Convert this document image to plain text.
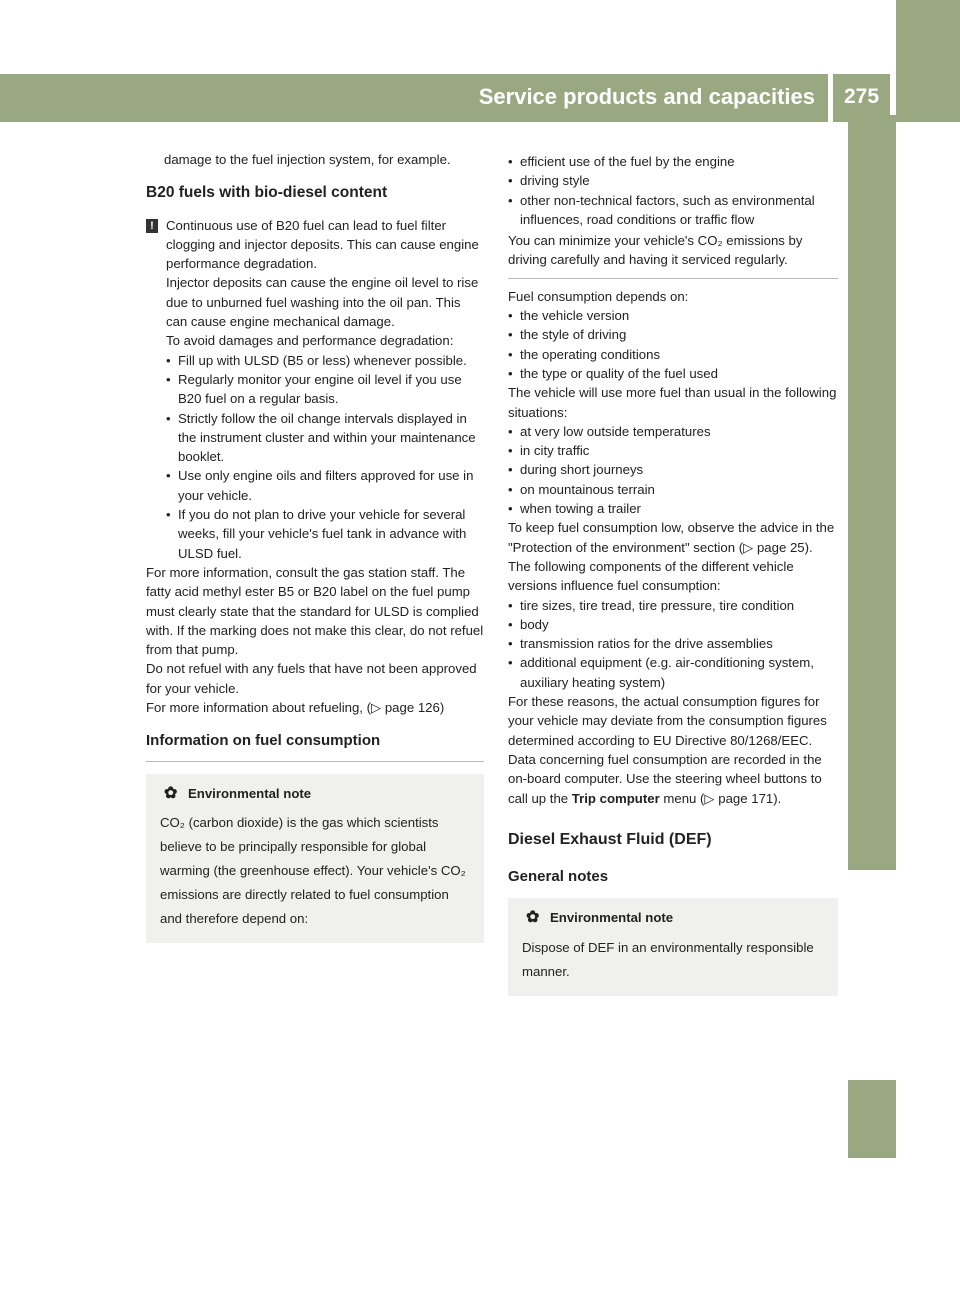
Service products and capacities	275
Technical data

damage to the fuel injection system, for example.

B20 fuels with bio-diesel content
! Continuous use of B20 fuel can lead to fuel filter clogging and injector deposits. This can cause engine performance degradation.

Injector deposits can cause the engine oil level to rise due to unburned fuel washing into the oil pan. This can cause engine mechanical damage.

To avoid damages and performance degradation:

• Fill up with ULSD (B5 or less) whenever possible.
• Regularly monitor your engine oil level if you use B20 fuel on a regular basis.
• Strictly follow the oil change intervals displayed in the instrument cluster and within your maintenance booklet.
• Use only engine oils and filters approved for use in your vehicle.
• If you do not plan to drive your vehicle for several weeks, fill your vehicle's fuel tank in advance with ULSD fuel.

For more information, consult the gas station staff. The fatty acid methyl ester B5 or B20 label on the fuel pump must clearly state that the standard for ULSD is complied with. If the marking does not make this clear, do not refuel from that pump.

Do not refuel with any fuels that have not been approved for your vehicle.

For more information about refueling, (▷ page 126)

Information on fuel consumption
✿ Environmental note

CO₂ (carbon dioxide) is the gas which scientists believe to be principally responsible for global warming (the greenhouse effect). Your vehicle's CO₂ emissions are directly related to fuel consumption and therefore depend on:

• efficient use of the fuel by the engine
• driving style
• other non-technical factors, such as environmental influences, road conditions or traffic flow

You can minimize your vehicle's CO₂ emissions by driving carefully and having it serviced regularly.

Fuel consumption depends on:

• the vehicle version
• the style of driving
• the operating conditions
• the type or quality of the fuel used

The vehicle will use more fuel than usual in the following situations:

• at very low outside temperatures
• in city traffic
• during short journeys
• on mountainous terrain
• when towing a trailer

To keep fuel consumption low, observe the advice in the "Protection of the environment" section (▷ page 25).

The following components of the different vehicle versions influence fuel consumption:

• tire sizes, tire tread, tire pressure, tire condition
• body
• transmission ratios for the drive assemblies
• additional equipment (e.g. air-conditioning system, auxiliary heating system)

For these reasons, the actual consumption figures for your vehicle may deviate from the consumption figures determined according to EU Directive 80/1268/EEC.

Data concerning fuel consumption are recorded in the on-board computer. Use the steering wheel buttons to call up the Trip computer menu (▷ page 171).

Diesel Exhaust Fluid (DEF)
General notes
✿ Environmental note

Dispose of DEF in an environmentally responsible manner.
